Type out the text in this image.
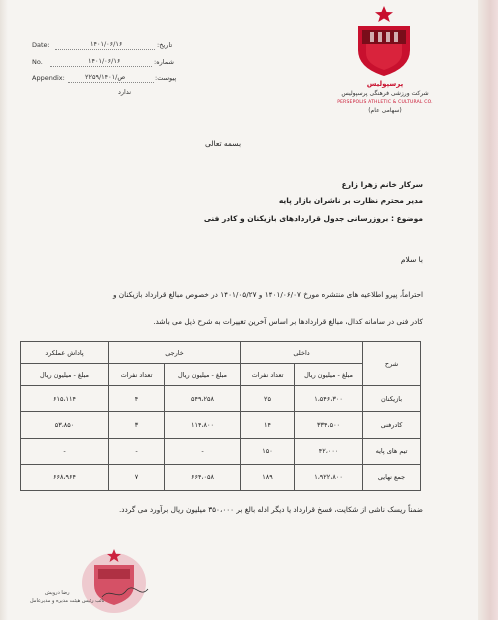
Date:	۱۴۰۱/۰۶/۱۶	تاریخ:
No.	۱۴۰۱/۰۶/۱۶	شماره:
Appendix:	ص/۲۲۵۹/۱۴۰۱	پیوست:
ندارد
پرسپولیس
شرکت ورزشی فرهنگی پرسپولیس
PERSEPOLIS ATHLETIC & CULTURAL CO.
(سهامی عام)
بسمه تعالی
سرکار خانم زهرا زارع
مدیر محترم نظارت بر ناشران بازار پایه
موضوع : بروزرسانی جدول قراردادهای بازیکنان و کادر فنی
با سلام
احتراماً، پیرو اطلاعیه های منتشره مورخ ۱۴۰۱/۰۶/۰۷ و ۱۴۰۱/۰۵/۲۷ در خصوص مبالغ قرارداد بازیکنان و
کادر فنی در سامانه کدال، مبالغ قراردادها بر اساس آخرین تغییرات به شرح ذیل می باشد.
شرح	داخلی		خارجی		پاداش عملکرد
	مبلغ - میلیون ریال	تعداد نفرات	مبلغ - میلیون ریال	تعداد نفرات	مبلغ - میلیون ریال
بازیکنان	۱،۵۴۶،۳۰۰	۲۵	۵۴۹،۲۵۸	۴	۶۱۵،۱۱۴
کادرفنی	۳۳۴،۵۰۰	۱۴	۱۱۴،۸۰۰	۳	۵۳،۸۵۰
تیم های پایه	۴۲،۰۰۰	۱۵۰	-	-	-
جمع نهایی	۱،۹۲۲،۸۰۰	۱۸۹	۶۶۴،۰۵۸	۷	۶۶۸،۹۶۴
ضمناً ریسک ناشی از شکایت، فسخ قرارداد یا دیگر ادله بالغ بر ۳۵۰،۰۰۰ میلیون ریال برآورد می گردد.
رضا درویش
نائب رئیس هیئت مدیره و مدیرعامل
